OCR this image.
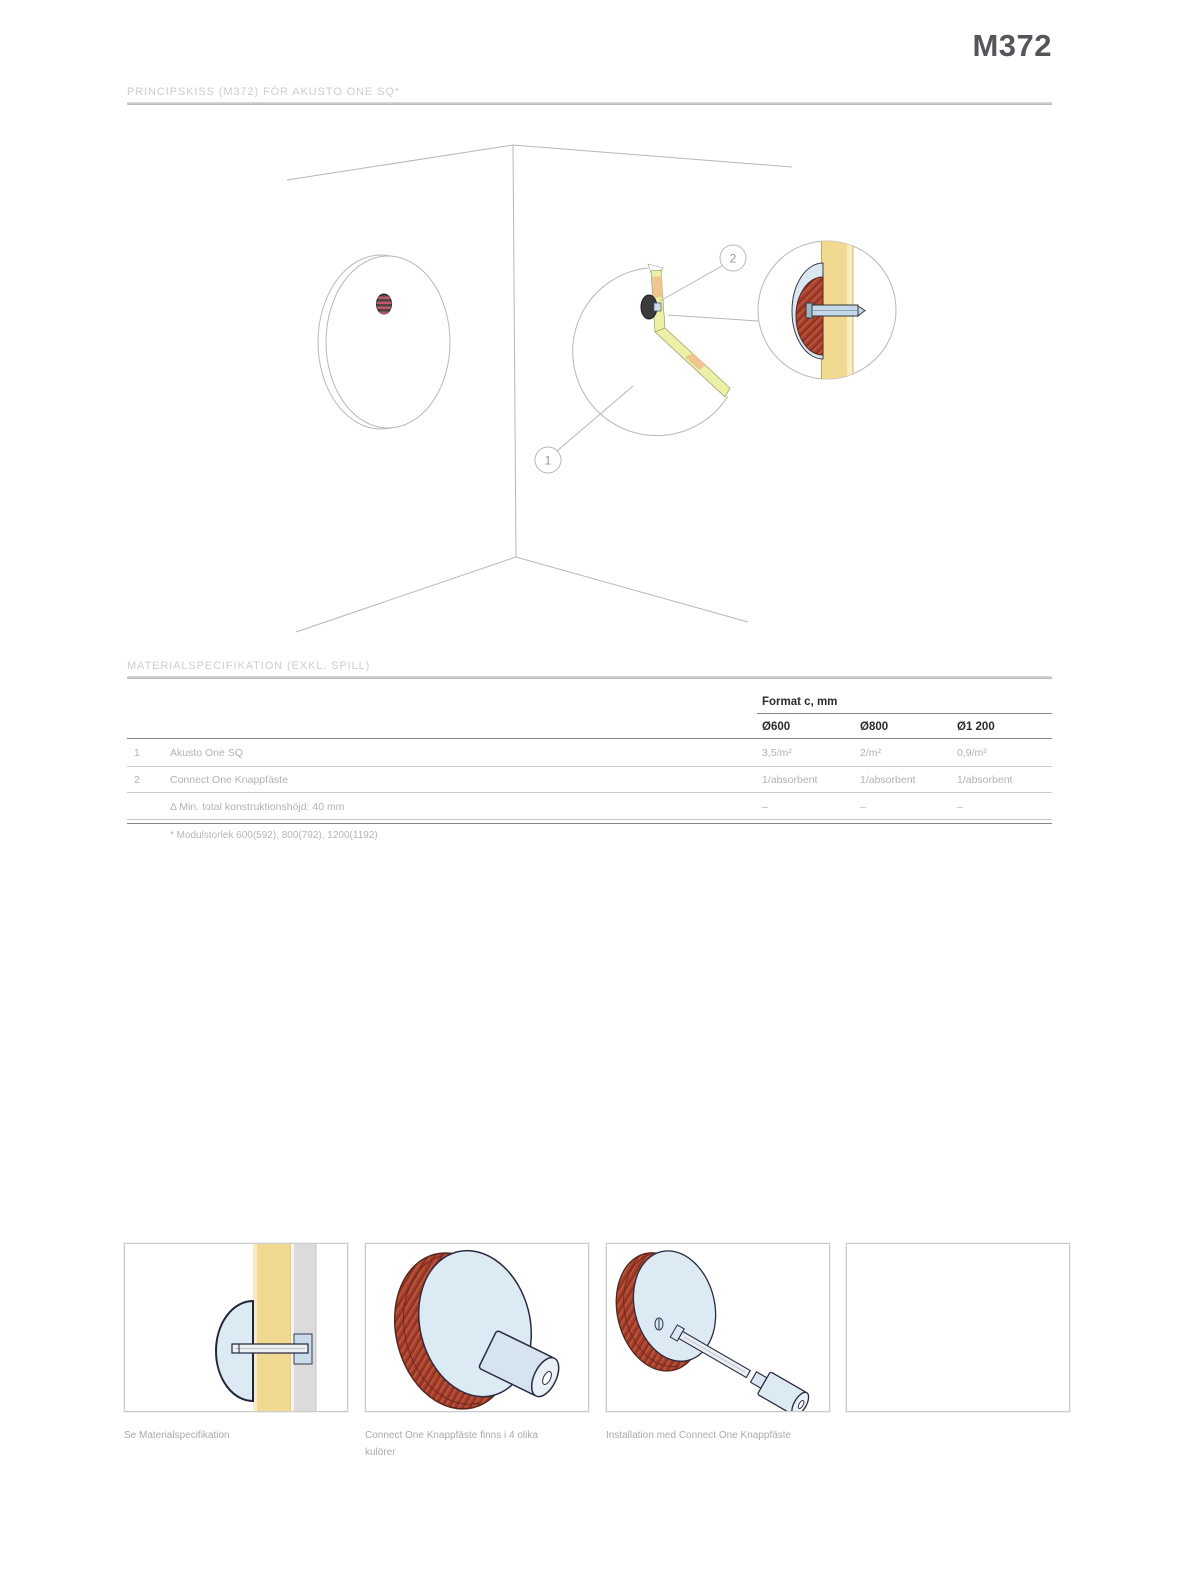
M372
PRINCIPSKISS (M372) FÖR AKUSTO ONE SQ*
2
1
MATERIALSPECIFIKATION (EXKL. SPILL)
Format c, mm
Ø600	Ø800	Ø1 200
1	Akusto One SQ	3,5/m²	2/m²	0,9/m²
2	Connect One Knappfäste	1/absorbent	1/absorbent	1/absorbent
Δ Min. total konstruktionshöjd: 40 mm	–	–	–
* Modulstorlek 600(592), 800(792), 1200(1192)
Se Materialspecifikation	Connect One Knappfäste finns i 4 olika kulörer
Installation med Connect One Knappfäste
